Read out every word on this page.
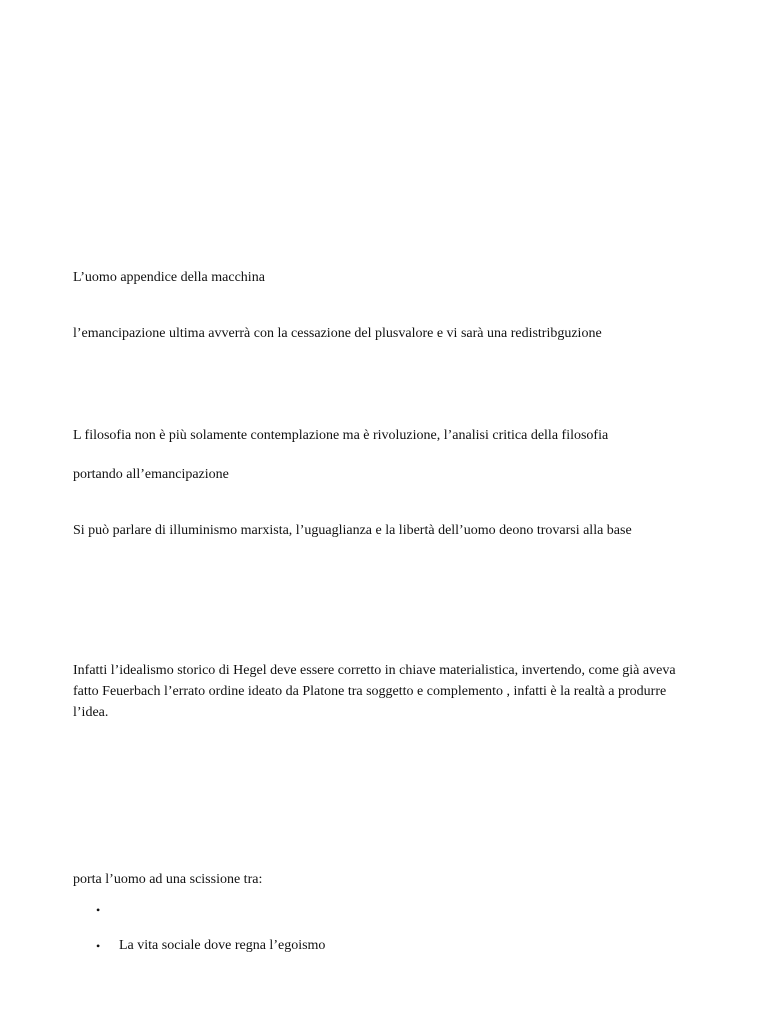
L’uomo appendice della macchina

l’emancipazione ultima avverrà con la cessazione del plusvalore e vi sarà una redistribguzione

L filosofia non è più solamente contemplazione ma è rivoluzione, l’analisi critica della filosofia

portando all’emancipazione

Si può parlare di illuminismo marxista, l’uguaglianza e la libertà dell’uomo deono trovarsi alla base

Infatti l’idealismo storico di Hegel deve essere corretto in chiave materialistica, invertendo, come già aveva fatto Feuerbach l’errato ordine ideato da Platone tra soggetto e complemento , infatti è la realtà a produrre l’idea.

porta l’uomo ad una scissione tra:

•
• La vita sociale dove regna l’egoismo
